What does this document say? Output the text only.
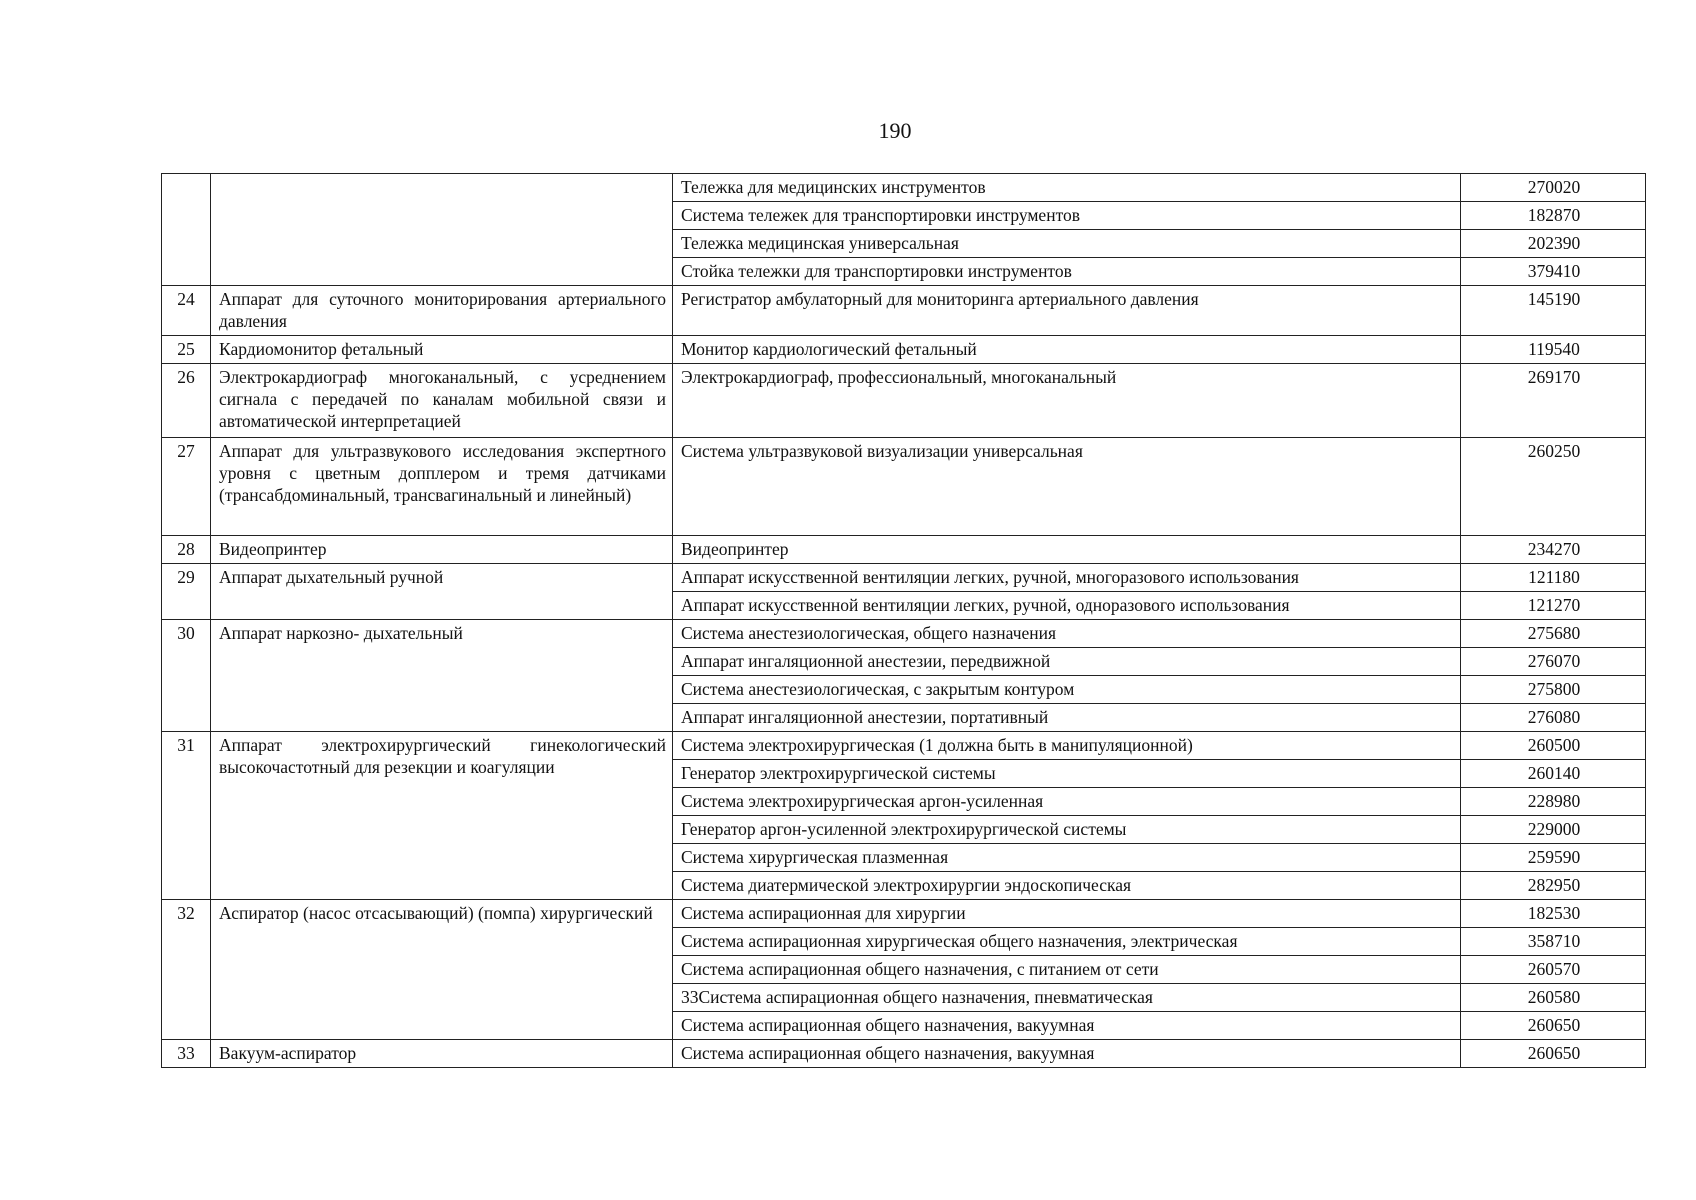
190
		Тележка для медицинских инструментов	270020
		Система тележек для транспортировки инструментов	182870
		Тележка медицинская универсальная	202390
		Стойка тележки для транспортировки инструментов	379410
24	Аппарат для суточного мониторирования артериального давления	Регистратор амбулаторный для мониторинга артериального давления	145190
25	Кардиомонитор фетальный	Монитор кардиологический фетальный	119540
26	Электрокардиограф многоканальный, с усреднением сигнала с передачей по каналам мобильной связи и автоматической интерпретацией	Электрокардиограф, профессиональный, многоканальный	269170
27	Аппарат для ультразвукового исследования экспертного уровня с цветным допплером и тремя датчиками (трансабдоминальный, трансвагинальный и линейный)	Система ультразвуковой визуализации универсальная	260250
28	Видеопринтер	Видеопринтер	234270
29	Аппарат дыхательный ручной	Аппарат искусственной вентиляции легких, ручной, многоразового использования	121180
		Аппарат искусственной вентиляции легких, ручной, одноразового использования	121270
30	Аппарат наркозно- дыхательный	Система анестезиологическая, общего назначения	275680
		Аппарат ингаляционной анестезии, передвижной	276070
		Система анестезиологическая, с закрытым контуром	275800
		Аппарат ингаляционной анестезии, портативный	276080
31	Аппарат электрохирургический гинекологический высокочастотный для резекции и коагуляции	Система электрохирургическая (1 должна быть в манипуляционной)	260500
		Генератор электрохирургической системы	260140
		Система электрохирургическая аргон-усиленная	228980
		Генератор аргон-усиленной электрохирургической системы	229000
		Система хирургическая плазменная	259590
		Система диатермической электрохирургии эндоскопическая	282950
32	Аспиратор (насос отсасывающий) (помпа) хирургический	Система аспирационная для хирургии	182530
		Система аспирационная хирургическая общего назначения, электрическая	358710
		Система аспирационная общего назначения, с питанием от сети	260570
		33Система аспирационная общего назначения, пневматическая	260580
		Система аспирационная общего назначения, вакуумная	260650
33	Вакуум-аспиратор	Система аспирационная общего назначения, вакуумная	260650
